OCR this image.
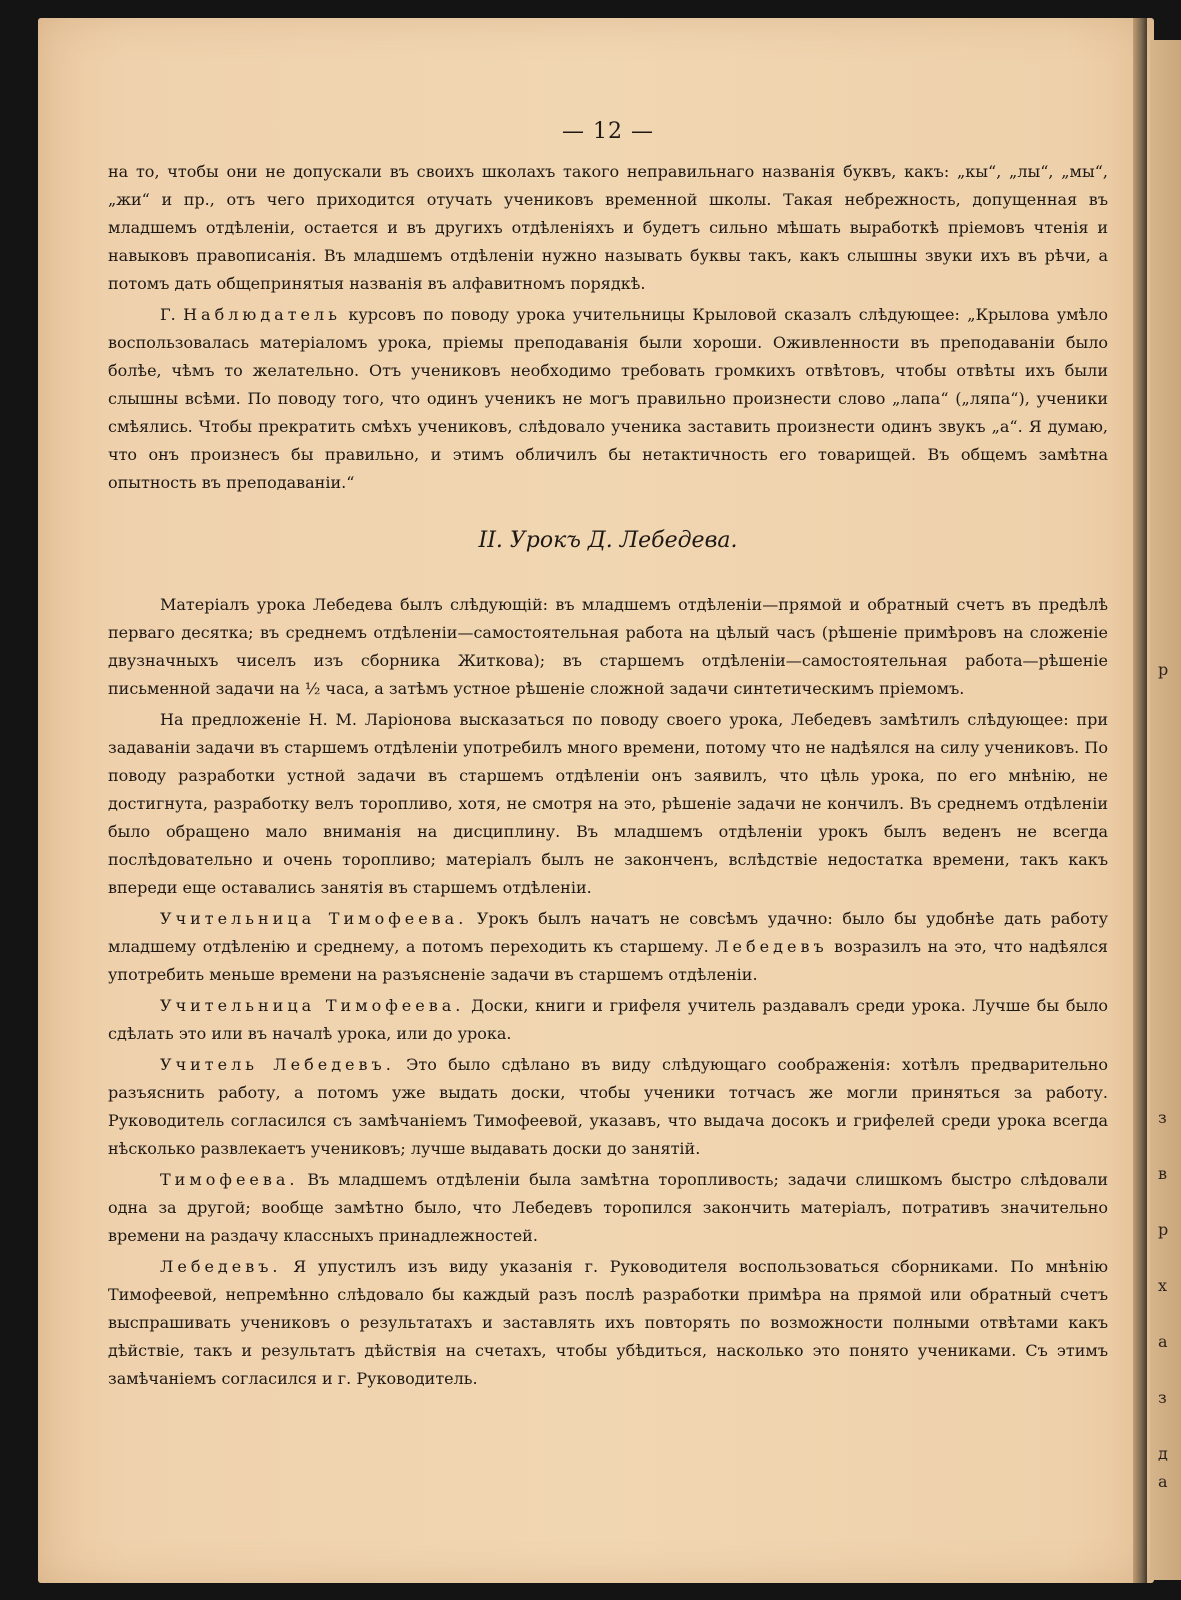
р
з
в
р
х
а
з
д
а
— 12 —

на то, чтобы они не допускали въ своихъ школахъ такого неправильнаго названія буквъ, какъ: „кы“, „лы“, „мы“, „жи“ и пр., отъ чего приходится отучать учениковъ временной школы. Такая небрежность, допущенная въ младшемъ отдѣленіи, остается и въ другихъ отдѣленіяхъ и будетъ сильно мѣшать выработкѣ пріемовъ чтенія и навыковъ правописанія. Въ младшемъ отдѣленіи нужно называть буквы такъ, какъ слышны звуки ихъ въ рѣчи, а потомъ дать общепринятыя названія въ алфавитномъ порядкѣ.

Г. Наблюдатель курсовъ по поводу урока учительницы Крыловой сказалъ слѣдующее: „Крылова умѣло воспользовалась матеріаломъ урока, пріемы преподаванія были хороши. Оживленности въ преподаваніи было болѣе, чѣмъ то желательно. Отъ учениковъ необходимо требовать громкихъ отвѣтовъ, чтобы отвѣты ихъ были слышны всѣми. По поводу того, что одинъ ученикъ не могъ правильно произнести слово „лапа“ („ляпа“), ученики смѣялись. Чтобы прекратить смѣхъ учениковъ, слѣдовало ученика заставить произнести одинъ звукъ „а“. Я думаю, что онъ произнесъ бы правильно, и этимъ обличилъ бы нетактичность его товарищей. Въ общемъ замѣтна опытность въ преподаваніи.“

II. Урокъ Д. Лебедева.

Матеріалъ урока Лебедева былъ слѣдующій: въ младшемъ отдѣленіи—прямой и обратный счетъ въ предѣлѣ перваго десятка; въ среднемъ отдѣленіи—самостоятельная работа на цѣлый часъ (рѣшеніе примѣровъ на сложеніе двузначныхъ чиселъ изъ сборника Житкова); въ старшемъ отдѣленіи—самостоятельная работа—рѣшеніе письменной задачи на ½ часа, а затѣмъ устное рѣшеніе сложной задачи синтетическимъ пріемомъ.

На предложеніе Н. М. Ларіонова высказаться по поводу своего урока, Лебедевъ замѣтилъ слѣдующее: при задаваніи задачи въ старшемъ отдѣленіи употребилъ много времени, потому что не надѣялся на силу учениковъ. По поводу разработки устной задачи въ старшемъ отдѣленіи онъ заявилъ, что цѣль урока, по его мнѣнію, не достигнута, разработку велъ торопливо, хотя, не смотря на это, рѣшеніе задачи не кончилъ. Въ среднемъ отдѣленіи было обращено мало вниманія на дисциплину. Въ младшемъ отдѣленіи урокъ былъ веденъ не всегда послѣдовательно и очень торопливо; матеріалъ былъ не законченъ, вслѣдствіе недостатка времени, такъ какъ впереди еще оставались занятія въ старшемъ отдѣленіи.

Учительница Тимофеева. Урокъ былъ начатъ не совсѣмъ удачно: было бы удобнѣе дать работу младшему отдѣленію и среднему, а потомъ переходить къ старшему. Лебедевъ возразилъ на это, что надѣялся употребить меньше времени на разъясненіе задачи въ старшемъ отдѣленіи.

Учительница Тимофеева. Доски, книги и грифеля учитель раздавалъ среди урока. Лучше бы было сдѣлать это или въ началѣ урока, или до урока.

Учитель Лебедевъ. Это было сдѣлано въ виду слѣдующаго соображенія: хотѣлъ предварительно разъяснить работу, а потомъ уже выдать доски, чтобы ученики тотчасъ же могли приняться за работу. Руководитель согласился съ замѣчаніемъ Тимофеевой, указавъ, что выдача досокъ и грифелей среди урока всегда нѣсколько развлекаетъ учениковъ; лучше выдавать доски до занятій.

Тимофеева. Въ младшемъ отдѣленіи была замѣтна торопливость; задачи слишкомъ быстро слѣдовали одна за другой; вообще замѣтно было, что Лебедевъ торопился закончить матеріалъ, потративъ значительно времени на раздачу классныхъ принадлежностей.

Лебедевъ. Я упустилъ изъ виду указанія г. Руководителя воспользоваться сборниками. По мнѣнію Тимофеевой, непремѣнно слѣдовало бы каждый разъ послѣ разработки примѣра на прямой или обратный счетъ выспрашивать учениковъ о результатахъ и заставлять ихъ повторять по возможности полными отвѣтами какъ дѣйствіе, такъ и результатъ дѣйствія на счетахъ, чтобы убѣдиться, насколько это понято учениками. Съ этимъ замѣчаніемъ согласился и г. Руководитель.
